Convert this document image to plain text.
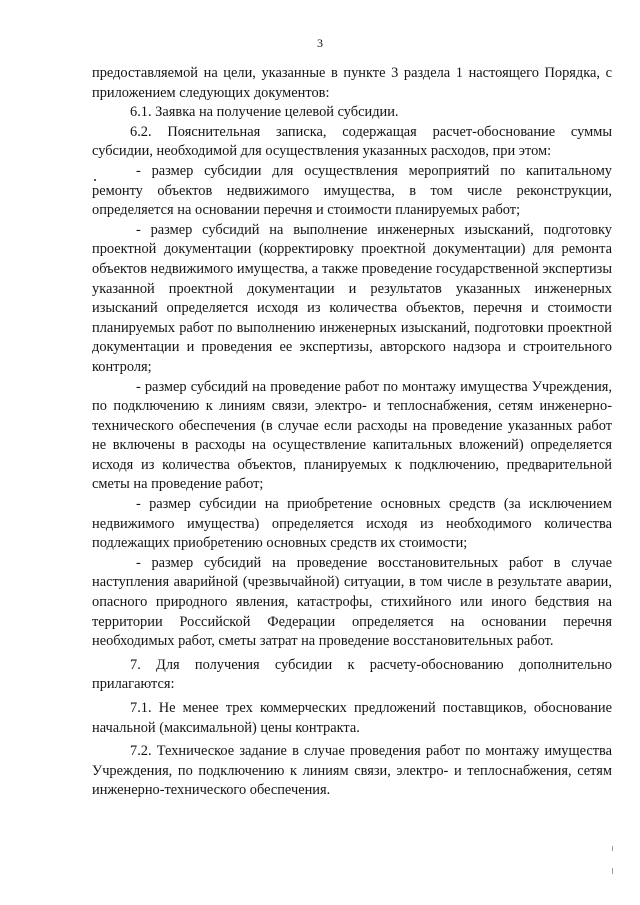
3

предоставляемой на цели, указанные в пункте 3 раздела 1 настоящего Порядка, с приложением следующих документов:

6.1. Заявка на получение целевой субсидии.

6.2. Пояснительная записка, содержащая расчет-обоснование суммы субсидии, необходимой для осуществления указанных расходов, при этом:

- размер субсидии для осуществления мероприятий по капитальному ремонту объектов недвижимого имущества, в том числе реконструкции, определяется на основании перечня и стоимости планируемых работ;

- размер субсидий на выполнение инженерных изысканий, подготовку проектной документации (корректировку проектной документации) для ремонта объектов недвижимого имущества, а также проведение государственной экспертизы указанной проектной документации и результатов указанных инженерных изысканий определяется исходя из количества объектов, перечня и стоимости планируемых работ по выполнению инженерных изысканий, подготовки проектной документации и проведения ее экспертизы, авторского надзора и строительного контроля;

- размер субсидий на проведение работ по монтажу имущества Учреждения, по подключению к линиям связи, электро- и теплоснабжения, сетям инженерно-технического обеспечения (в случае если расходы на проведение указанных работ не включены в расходы на осуществление капитальных вложений) определяется исходя из количества объектов, планируемых к подключению, предварительной сметы на проведение работ;

- размер субсидии на приобретение основных средств (за исключением недвижимого имущества) определяется исходя из необходимого количества подлежащих приобретению основных средств их стоимости;

- размер субсидий на проведение восстановительных работ в случае наступления аварийной (чрезвычайной) ситуации, в том числе в результате аварии, опасного природного явления, катастрофы, стихийного или иного бедствия на территории Российской Федерации определяется на основании перечня необходимых работ, сметы затрат на проведение восстановительных работ.

7. Для получения субсидии к расчету-обоснованию дополнительно прилагаются:

7.1. Не менее трех коммерческих предложений поставщиков, обоснование начальной (максимальной) цены контракта.

7.2. Техническое задание в случае проведения работ по монтажу имущества Учреждения, по подключению к линиям связи, электро- и теплоснабжения, сетям инженерно-технического обеспечения.
